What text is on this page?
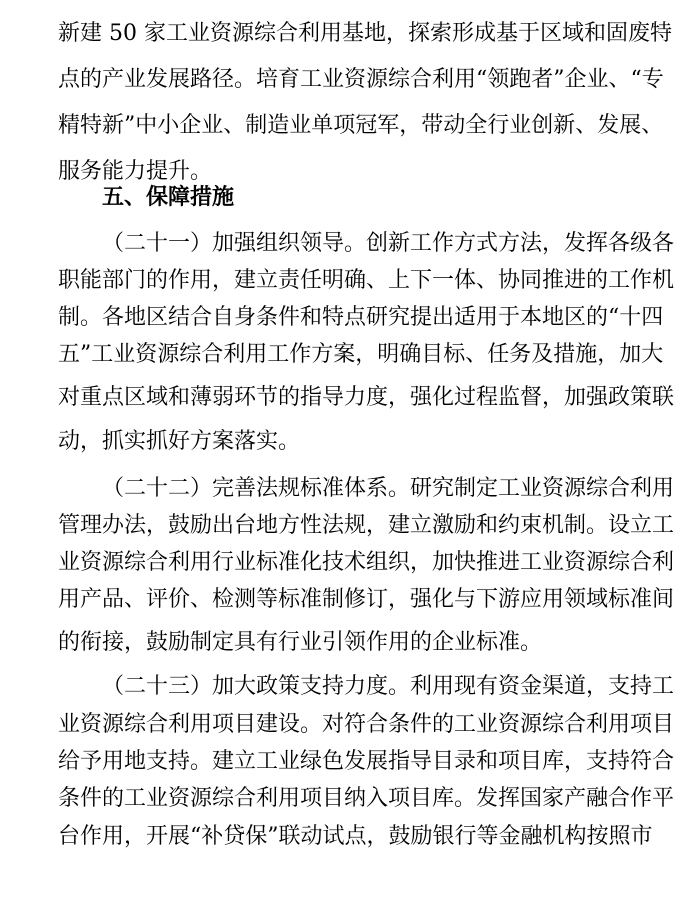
新建 50 家工业资源综合利用基地，探索形成基于区域和固废特
点的产业发展路径。培育工业资源综合利用“领跑者”企业、“专
精特新”中小企业、制造业单项冠军，带动全行业创新、发展、
服务能力提升。
五、保障措施
（二十一）加强组织领导。创新工作方式方法，发挥各级各
职能部门的作用，建立责任明确、上下一体、协同推进的工作机
制。各地区结合自身条件和特点研究提出适用于本地区的“十四
五”工业资源综合利用工作方案，明确目标、任务及措施，加大
对重点区域和薄弱环节的指导力度，强化过程监督，加强政策联
动，抓实抓好方案落实。
（二十二）完善法规标准体系。研究制定工业资源综合利用
管理办法，鼓励出台地方性法规，建立激励和约束机制。设立工
业资源综合利用行业标准化技术组织，加快推进工业资源综合利
用产品、评价、检测等标准制修订，强化与下游应用领域标准间
的衔接，鼓励制定具有行业引领作用的企业标准。
（二十三）加大政策支持力度。利用现有资金渠道，支持工
业资源综合利用项目建设。对符合条件的工业资源综合利用项目
给予用地支持。建立工业绿色发展指导目录和项目库，支持符合
条件的工业资源综合利用项目纳入项目库。发挥国家产融合作平
台作用，开展“补贷保”联动试点，鼓励银行等金融机构按照市
